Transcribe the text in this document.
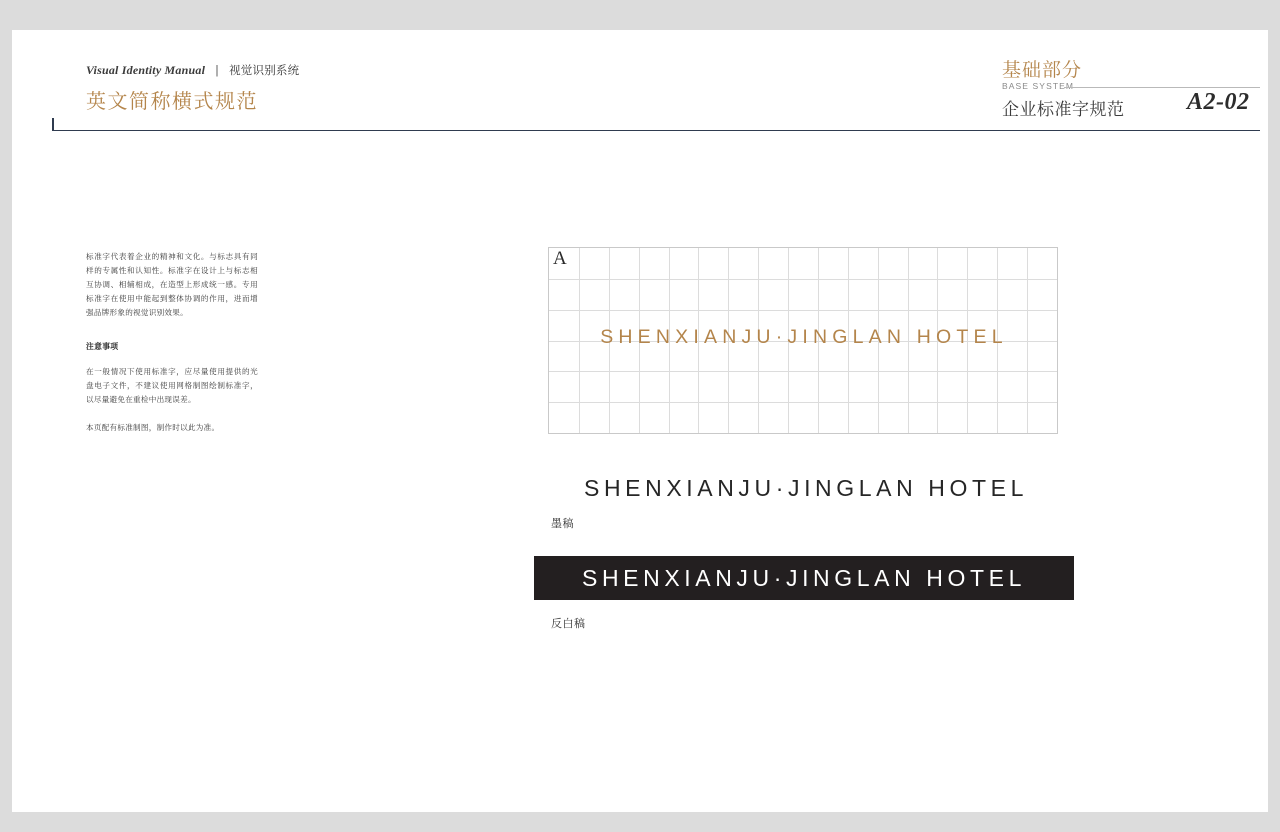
Visual Identity Manual | 视觉识别系统
英文简称横式规范
基础部分
BASE SYSTEM
企业标准字规范	A2-02

标准字代表着企业的精神和文化。与标志具有同样的专属性和认知性。标准字在设计上与标志相互协调、相辅相成，在造型上形成统一感。专用标准字在使用中能起到整体协调的作用，进而增强品牌形象的视觉识别效果。

注意事项

在一般情况下使用标准字，应尽量使用提供的光盘电子文件，不建议使用网格制图绘制标准字，以尽量避免在重检中出现误差。

本页配有标准制图，制作时以此为准。

A
SHENXIANJU·JINGLAN HOTEL
SHENXIANJU·JINGLAN HOTEL
墨稿
SHENXIANJU·JINGLAN HOTEL
反白稿
